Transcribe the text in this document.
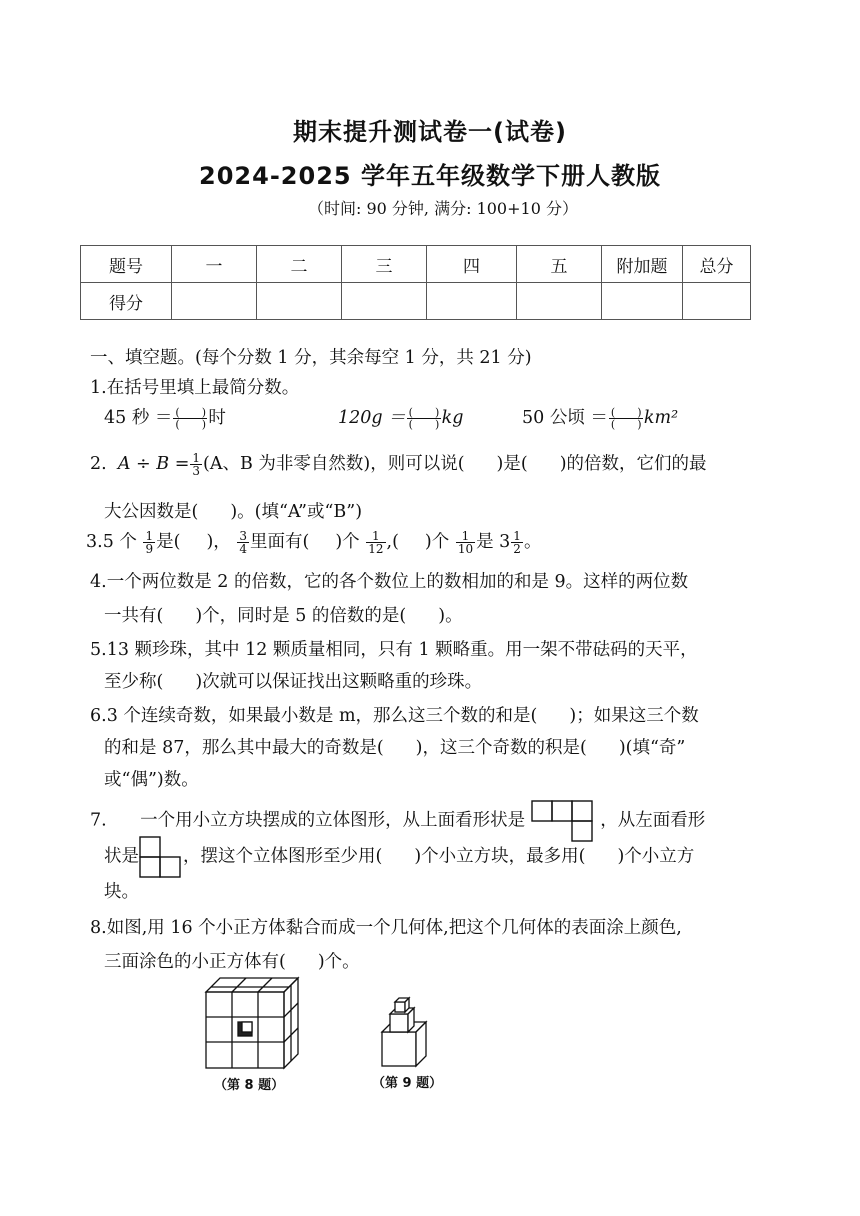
期末提升测试卷一(试卷)
2024-2025 学年五年级数学下册人教版
（时间: 90 分钟, 满分: 100+10 分）
题号	一	二	三	四	五	附加题	总分
得分							
一、填空题。(每个分数 1 分，其余每空 1 分，共 21 分)
1.在括号里填上最简分数。
45 秒 ＝ $\frac{( )}{( )}$ 时	$120g = \frac{( )}{( )}$ kg	50 公顷 ＝ $\frac{( )}{( )} km^2$
2. $A \div B = \frac{1}{3} (A$、B 为非零自然数)，则可以说( )是( )的倍数，它们的最
大公因数是( )。(填“A”或“B”)
3.5 个 $\frac{1}{9}$ 是( )， $\frac{3}{4}$ 里面有( )个 $\frac{1}{12}$ ,( )个 $\frac{1}{10}$ 是 $3 \frac{1}{2}$ 。
4.一个两位数是 2 的倍数，它的各个数位上的数相加的和是 9。这样的两位数
一共有( )个，同时是 5 的倍数的是( )。
5.13 颗珍珠，其中 12 颗质量相同，只有 1 颗略重。用一架不带砝码的天平，
至少称( )次就可以保证找出这颗略重的珍珠。
6.3 个连续奇数，如果最小数是 m，那么这三个数的和是( )；如果这三个数
的和是 87，那么其中最大的奇数是( )，这三个奇数的积是( )(填“奇”
或“偶”)数。
7. 一个用小立方块摆成的立体图形，从上面看形状是	，从左面看形
状是	，摆这个立体图形至少用( )个小立方块，最多用( )个小立方
块。
8.如图,用 16 个小正方体黏合而成一个几何体,把这个几何体的表面涂上颜色,
三面涂色的小正方体有( )个。
（第 8 题）	（第 9 题）
